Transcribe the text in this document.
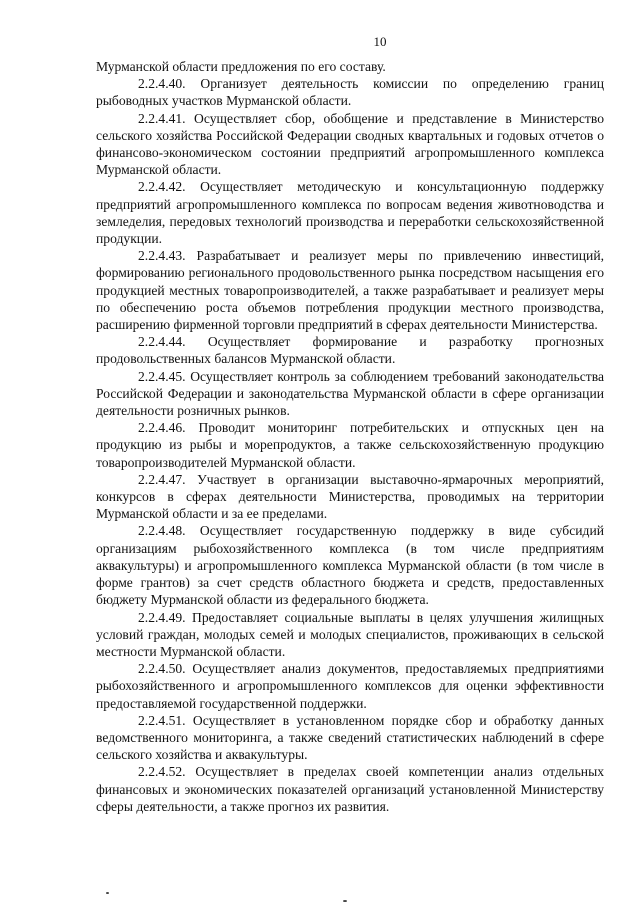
10

Мурманской области предложения по его составу.

2.2.4.40. Организует деятельность комиссии по определению границ рыбоводных участков Мурманской области.

2.2.4.41. Осуществляет сбор, обобщение и представление в Министерство сельского хозяйства Российской Федерации сводных квартальных и годовых отчетов о финансово-экономическом состоянии предприятий агропромышленного комплекса Мурманской области.

2.2.4.42. Осуществляет методическую и консультационную поддержку предприятий агропромышленного комплекса по вопросам ведения животноводства и земледелия, передовых технологий производства и переработки сельскохозяйственной продукции.

2.2.4.43. Разрабатывает и реализует меры по привлечению инвестиций, формированию регионального продовольственного рынка посредством насыщения его продукцией местных товаропроизводителей, а также разрабатывает и реализует меры по обеспечению роста объемов потребления продукции местного производства, расширению фирменной торговли предприятий в сферах деятельности Министерства.

2.2.4.44. Осуществляет формирование и разработку прогнозных продовольственных балансов Мурманской области.

2.2.4.45. Осуществляет контроль за соблюдением требований законодательства Российской Федерации и законодательства Мурманской области в сфере организации деятельности розничных рынков.

2.2.4.46. Проводит мониторинг потребительских и отпускных цен на продукцию из рыбы и морепродуктов, а также сельскохозяйственную продукцию товаропроизводителей Мурманской области.

2.2.4.47. Участвует в организации выставочно-ярмарочных мероприятий, конкурсов в сферах деятельности Министерства, проводимых на территории Мурманской области и за ее пределами.

2.2.4.48. Осуществляет государственную поддержку в виде субсидий организациям рыбохозяйственного комплекса (в том числе предприятиям аквакультуры) и агропромышленного комплекса Мурманской области (в том числе в форме грантов) за счет средств областного бюджета и средств, предоставленных бюджету Мурманской области из федерального бюджета.

2.2.4.49. Предоставляет социальные выплаты в целях улучшения жилищных условий граждан, молодых семей и молодых специалистов, проживающих в сельской местности Мурманской области.

2.2.4.50. Осуществляет анализ документов, предоставляемых предприятиями рыбохозяйственного и агропромышленного комплексов для оценки эффективности предоставляемой государственной поддержки.

2.2.4.51. Осуществляет в установленном порядке сбор и обработку данных ведомственного мониторинга, а также сведений статистических наблюдений в сфере сельского хозяйства и аквакультуры.

2.2.4.52. Осуществляет в пределах своей компетенции анализ отдельных финансовых и экономических показателей организаций установленной Министерству сферы деятельности, а также прогноз их развития.
